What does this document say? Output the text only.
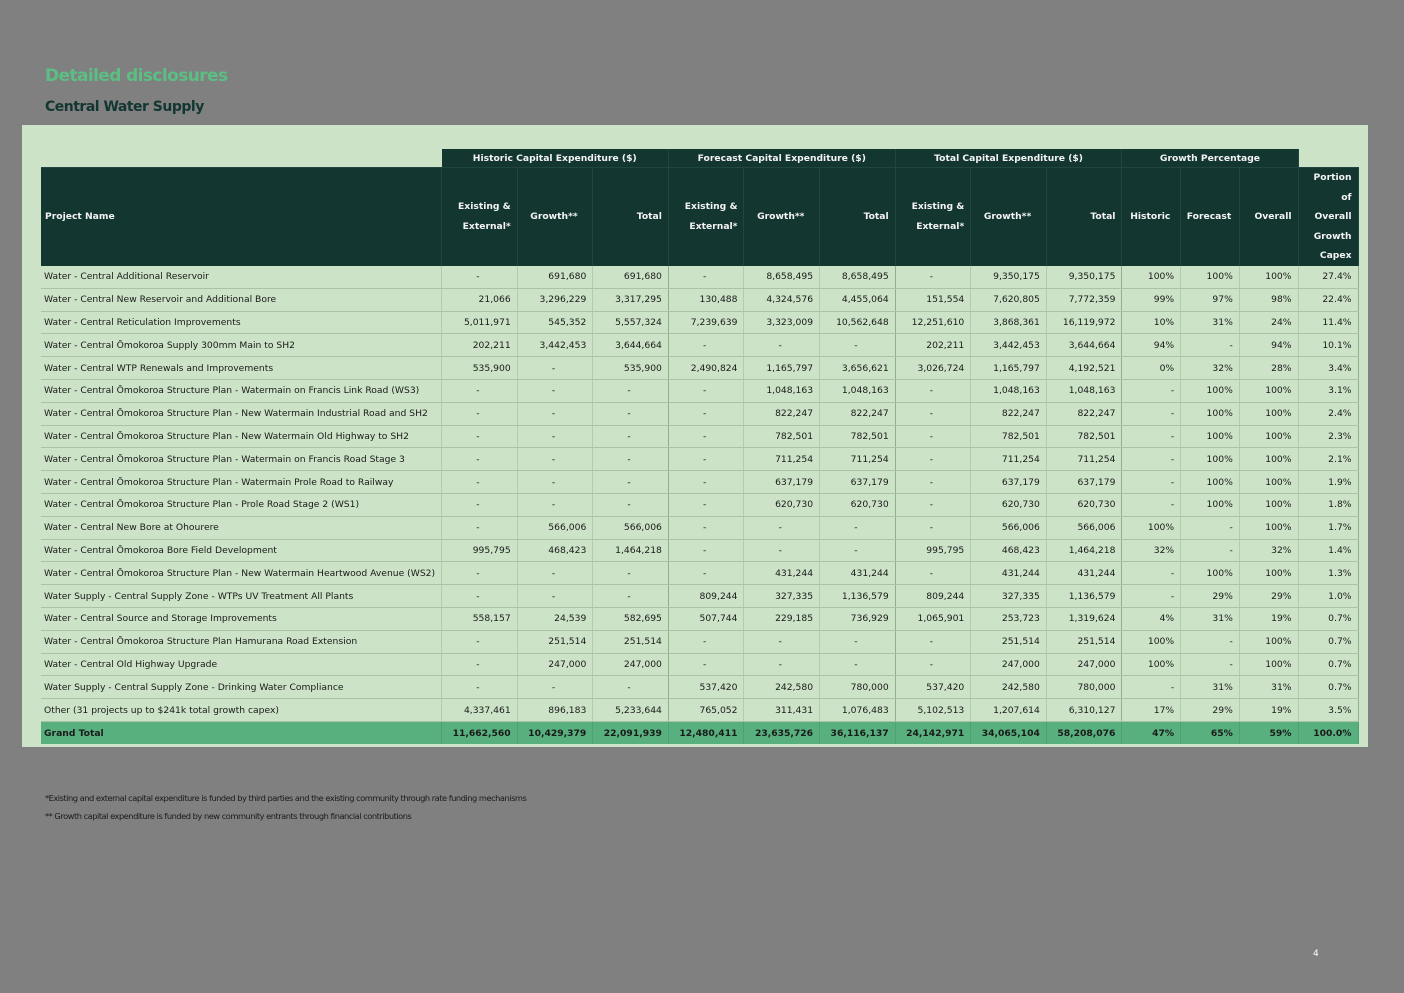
Detailed disclosures
Central Water Supply
	Historic Capital Expenditure ($)			Forecast Capital Expenditure ($)			Total Capital Expenditure ($)			Growth Percentage			
Project Name	Existing & External*	Growth**	Total	Existing & External*	Growth**	Total	Existing & External*	Growth**	Total	Historic	Forecast	Overall	Portion of Overall Growth Capex
Water - Central Additional Reservoir	-	691,680	691,680	-	8,658,495	8,658,495	-	9,350,175	9,350,175	100%	100%	100%	27.4%
Water - Central New Reservoir and Additional Bore	21,066	3,296,229	3,317,295	130,488	4,324,576	4,455,064	151,554	7,620,805	7,772,359	99%	97%	98%	22.4%
Water - Central Reticulation Improvements	5,011,971	545,352	5,557,324	7,239,639	3,323,009	10,562,648	12,251,610	3,868,361	16,119,972	10%	31%	24%	11.4%
Water - Central Ōmokoroa Supply 300mm Main to SH2	202,211	3,442,453	3,644,664	-	-	-	202,211	3,442,453	3,644,664	94%	-	94%	10.1%
Water - Central WTP Renewals and Improvements	535,900	-	535,900	2,490,824	1,165,797	3,656,621	3,026,724	1,165,797	4,192,521	0%	32%	28%	3.4%
Water - Central Ōmokoroa Structure Plan - Watermain on Francis Link Road (WS3)	-	-	-	-	1,048,163	1,048,163	-	1,048,163	1,048,163	-	100%	100%	3.1%
Water - Central Ōmokoroa Structure Plan - New Watermain Industrial Road and SH2	-	-	-	-	822,247	822,247	-	822,247	822,247	-	100%	100%	2.4%
Water - Central Ōmokoroa Structure Plan - New Watermain Old Highway to SH2	-	-	-	-	782,501	782,501	-	782,501	782,501	-	100%	100%	2.3%
Water - Central Ōmokoroa Structure Plan - Watermain on Francis Road Stage 3	-	-	-	-	711,254	711,254	-	711,254	711,254	-	100%	100%	2.1%
Water - Central Ōmokoroa Structure Plan - Watermain Prole Road to Railway	-	-	-	-	637,179	637,179	-	637,179	637,179	-	100%	100%	1.9%
Water - Central Ōmokoroa Structure Plan - Prole Road Stage 2 (WS1)	-	-	-	-	620,730	620,730	-	620,730	620,730	-	100%	100%	1.8%
Water - Central New Bore at Ohourere	-	566,006	566,006	-	-	-	-	566,006	566,006	100%	-	100%	1.7%
Water - Central Ōmokoroa Bore Field Development	995,795	468,423	1,464,218	-	-	-	995,795	468,423	1,464,218	32%	-	32%	1.4%
Water - Central Ōmokoroa Structure Plan - New Watermain Heartwood Avenue (WS2)	-	-	-	-	431,244	431,244	-	431,244	431,244	-	100%	100%	1.3%
Water Supply - Central Supply Zone - WTPs UV Treatment All Plants	-	-	-	809,244	327,335	1,136,579	809,244	327,335	1,136,579	-	29%	29%	1.0%
Water - Central Source and Storage Improvements	558,157	24,539	582,695	507,744	229,185	736,929	1,065,901	253,723	1,319,624	4%	31%	19%	0.7%
Water - Central Ōmokoroa Structure Plan Hamurana Road Extension	-	251,514	251,514	-	-	-	-	251,514	251,514	100%	-	100%	0.7%
Water - Central Old Highway Upgrade	-	247,000	247,000	-	-	-	-	247,000	247,000	100%	-	100%	0.7%
Water Supply - Central Supply Zone - Drinking Water Compliance	-	-	-	537,420	242,580	780,000	537,420	242,580	780,000	-	31%	31%	0.7%
Other (31 projects up to $241k total growth capex)	4,337,461	896,183	5,233,644	765,052	311,431	1,076,483	5,102,513	1,207,614	6,310,127	17%	29%	19%	3.5%
Grand Total	11,662,560	10,429,379	22,091,939	12,480,411	23,635,726	36,116,137	24,142,971	34,065,104	58,208,076	47%	65%	59%	100.0%
*Existing and external capital expenditure is funded by third parties and the existing community through rate funding mechanisms
** Growth capital expenditure is funded by new community entrants through financial contributions
4
